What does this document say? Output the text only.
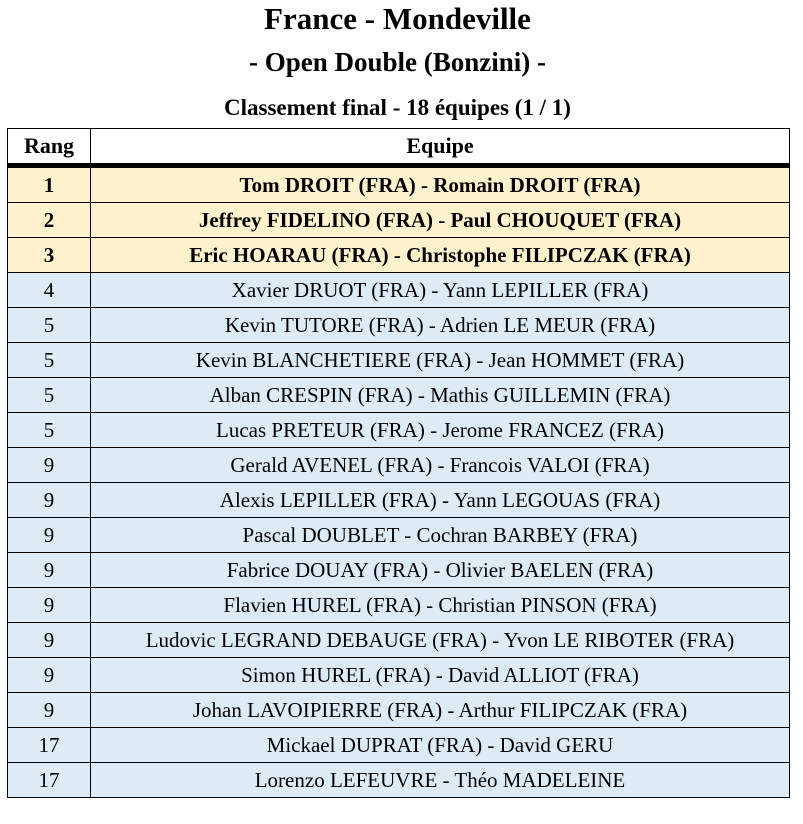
France - Mondeville
- Open Double (Bonzini) -
Classement final - 18 équipes (1 / 1)
Rang	Equipe
1	Tom DROIT (FRA) - Romain DROIT (FRA)
2	Jeffrey FIDELINO (FRA) - Paul CHOUQUET (FRA)
3	Eric HOARAU (FRA) - Christophe FILIPCZAK (FRA)
4	Xavier DRUOT (FRA) - Yann LEPILLER (FRA)
5	Kevin TUTORE (FRA) - Adrien LE MEUR (FRA)
5	Kevin BLANCHETIERE (FRA) - Jean HOMMET (FRA)
5	Alban CRESPIN (FRA) - Mathis GUILLEMIN (FRA)
5	Lucas PRETEUR (FRA) - Jerome FRANCEZ (FRA)
9	Gerald AVENEL (FRA) - Francois VALOI (FRA)
9	Alexis LEPILLER (FRA) - Yann LEGOUAS (FRA)
9	Pascal DOUBLET - Cochran BARBEY (FRA)
9	Fabrice DOUAY (FRA) - Olivier BAELEN (FRA)
9	Flavien HUREL (FRA) - Christian PINSON (FRA)
9	Ludovic LEGRAND DEBAUGE (FRA) - Yvon LE RIBOTER (FRA)
9	Simon HUREL (FRA) - David ALLIOT (FRA)
9	Johan LAVOIPIERRE (FRA) - Arthur FILIPCZAK (FRA)
17	Mickael DUPRAT (FRA) - David GERU
17	Lorenzo LEFEUVRE - Théo MADELEINE
